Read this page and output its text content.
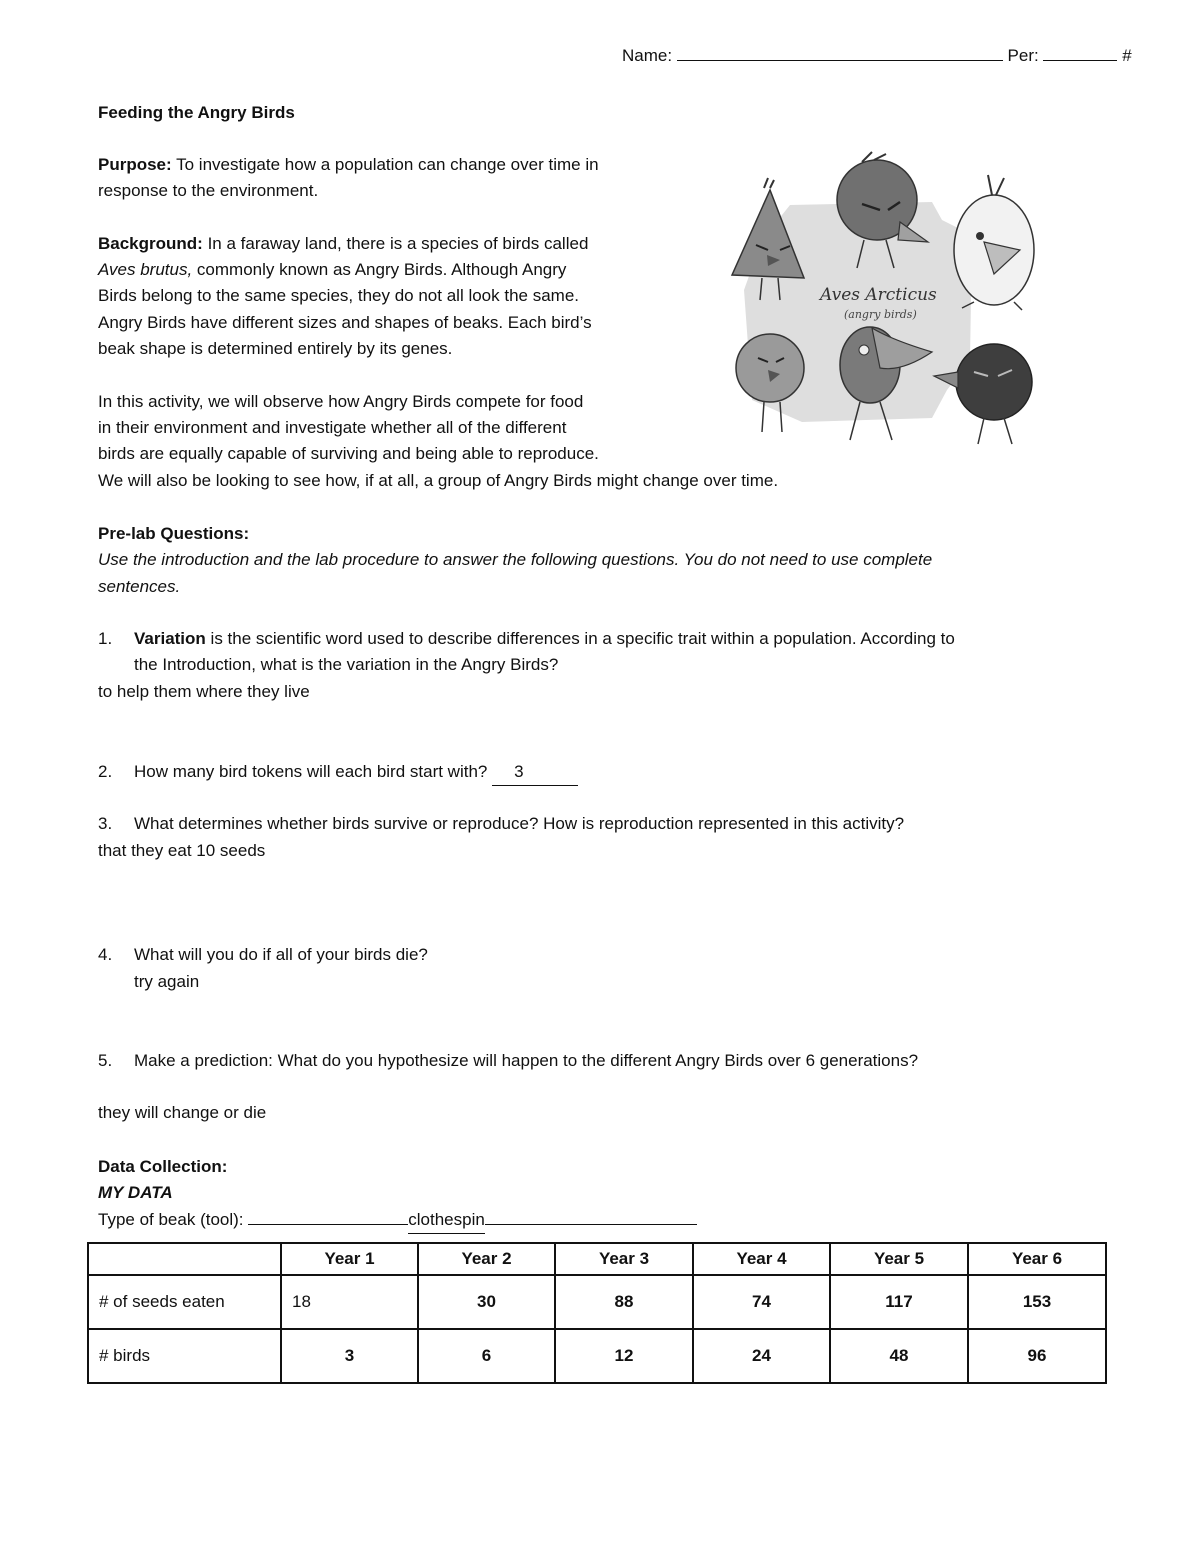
Name:	Per:	#
Feeding the Angry Birds
Purpose: To investigate how a population can change over time in
response to the environment.
Background: In a faraway land, there is a species of birds called
Aves brutus, commonly known as Angry Birds. Although Angry
Birds belong to the same species, they do not all look the same.
Angry Birds have different sizes and shapes of beaks. Each bird’s
beak shape is determined entirely by its genes.
In this activity, we will observe how Angry Birds compete for food
in their environment and investigate whether all of the different
birds are equally capable of surviving and being able to reproduce.
We will also be looking to see how, if at all, a group of Angry Birds might change over time.
Aves Arcticus
(angry birds)
Pre-lab Questions:
Use the introduction and the lab procedure to answer the following questions. You do not need to use complete
sentences.
1. Variation is the scientific word used to describe differences in a specific trait within a population. According to
the Introduction, what is the variation in the Angry Birds?
to help them where they live
2. How many bird tokens will each bird start with? 3
3. What determines whether birds survive or reproduce? How is reproduction represented in this activity?
that they eat 10 seeds
4. What will you do if all of your birds die?
try again
5. Make a prediction: What do you hypothesize will happen to the different Angry Birds over 6 generations?
they will change or die
Data Collection:
MY DATA
Type of beak (tool):	clothespin
	Year 1	Year 2	Year 3	Year 4	Year 5	Year 6
# of seeds eaten	18	30	88	74	117	153
# birds	3	6	12	24	48	96
